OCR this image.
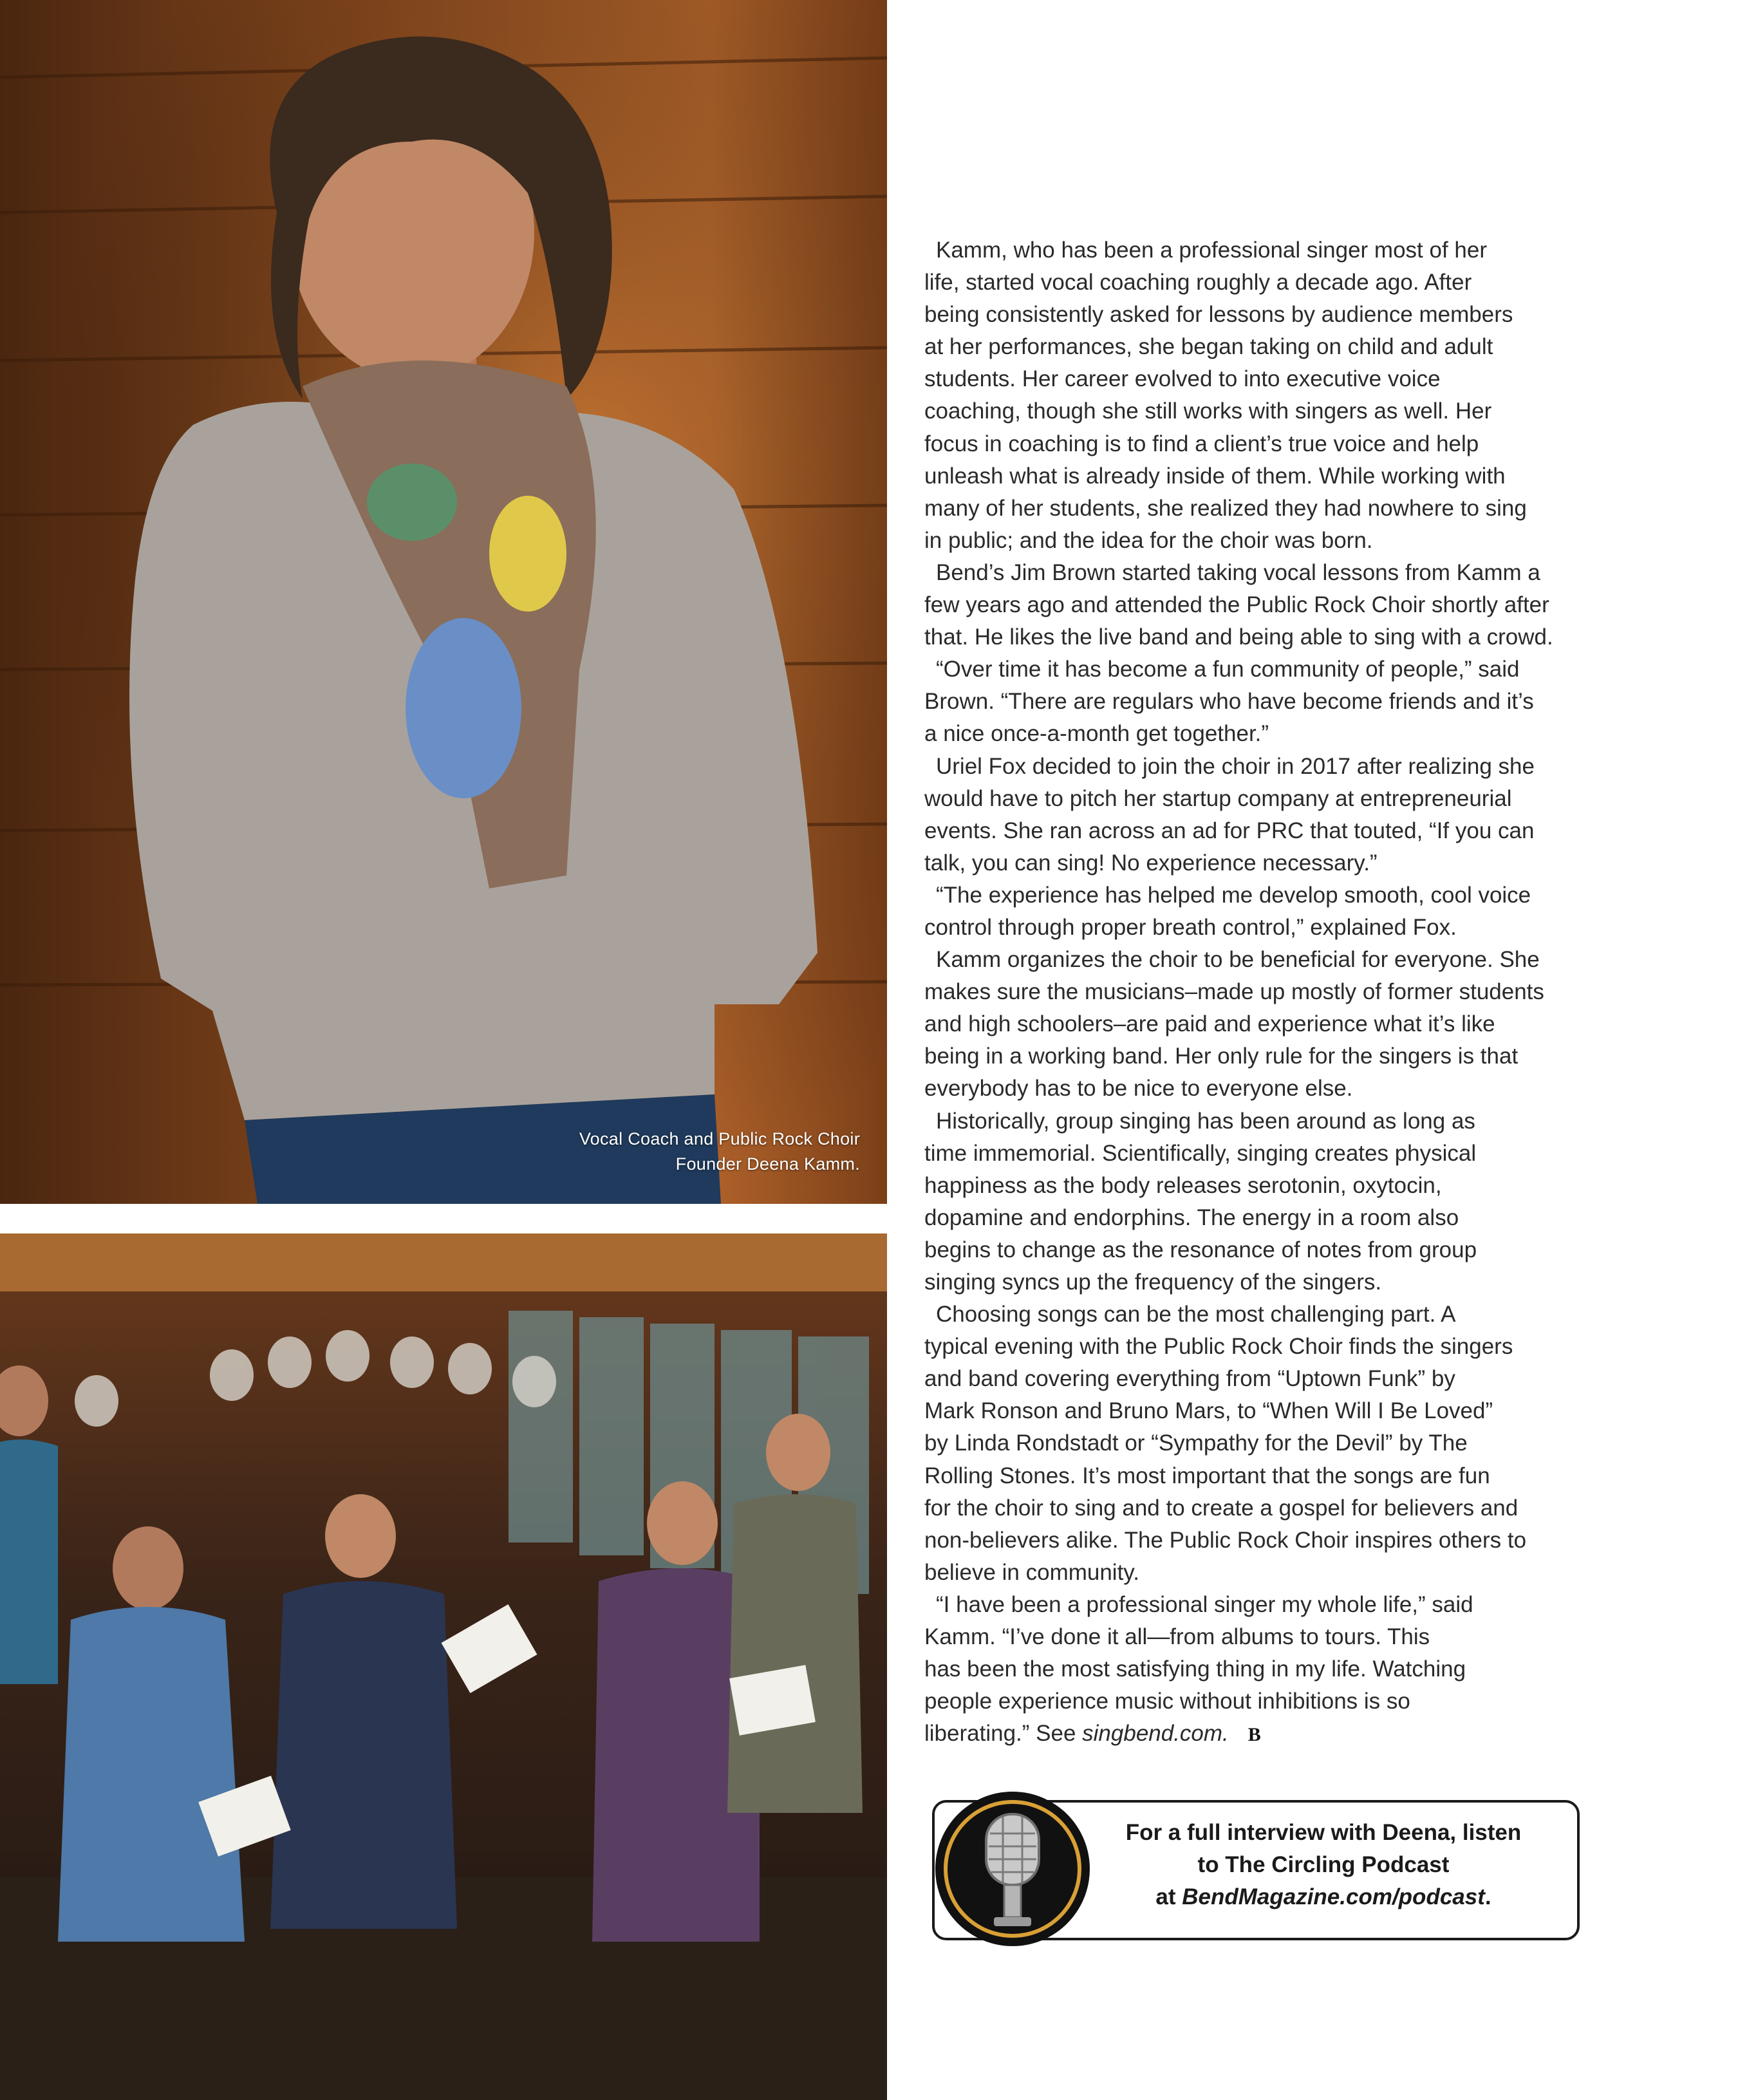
Vocal Coach and Public Rock Choir
Founder Deena Kamm.

Kamm, who has been a professional singer most of her
life, started vocal coaching roughly a decade ago. After
being consistently asked for lessons by audience members
at her performances, she began taking on child and adult
students. Her career evolved to into executive voice
coaching, though she still works with singers as well. Her
focus in coaching is to find a client’s true voice and help
unleash what is already inside of them. While working with
many of her students, she realized they had nowhere to sing
in public; and the idea for the choir was born.

Bend’s Jim Brown started taking vocal lessons from Kamm a
few years ago and attended the Public Rock Choir shortly after
that. He likes the live band and being able to sing with a crowd.

“Over time it has become a fun community of people,” said
Brown. “There are regulars who have become friends and it’s
a nice once-a-month get together.”

Uriel Fox decided to join the choir in 2017 after realizing she
would have to pitch her startup company at entrepreneurial
events. She ran across an ad for PRC that touted, “If you can
talk, you can sing! No experience necessary.”

“The experience has helped me develop smooth, cool voice
control through proper breath control,” explained Fox.

Kamm organizes the choir to be beneficial for everyone. She
makes sure the musicians–made up mostly of former students
and high schoolers–are paid and experience what it’s like
being in a working band. Her only rule for the singers is that
everybody has to be nice to everyone else.

Historically, group singing has been around as long as
time immemorial. Scientifically, singing creates physical
happiness as the body releases serotonin, oxytocin,
dopamine and endorphins. The energy in a room also
begins to change as the resonance of notes from group
singing syncs up the frequency of the singers.

Choosing songs can be the most challenging part. A
typical evening with the Public Rock Choir finds the singers
and band covering everything from “Uptown Funk” by
Mark Ronson and Bruno Mars, to “When Will I Be Loved”
by Linda Rondstadt or “Sympathy for the Devil” by The
Rolling Stones. It’s most important that the songs are fun
for the choir to sing and to create a gospel for believers and
non-believers alike. The Public Rock Choir inspires others to
believe in community.

“I have been a professional singer my whole life,” said
Kamm. “I’ve done it all—from albums to tours. This
has been the most satisfying thing in my life. Watching
people experience music without inhibitions is so
liberating.” See singbend.com. B

For a full interview with Deena, listen
to The Circling Podcast
at BendMagazine.com/podcast.
